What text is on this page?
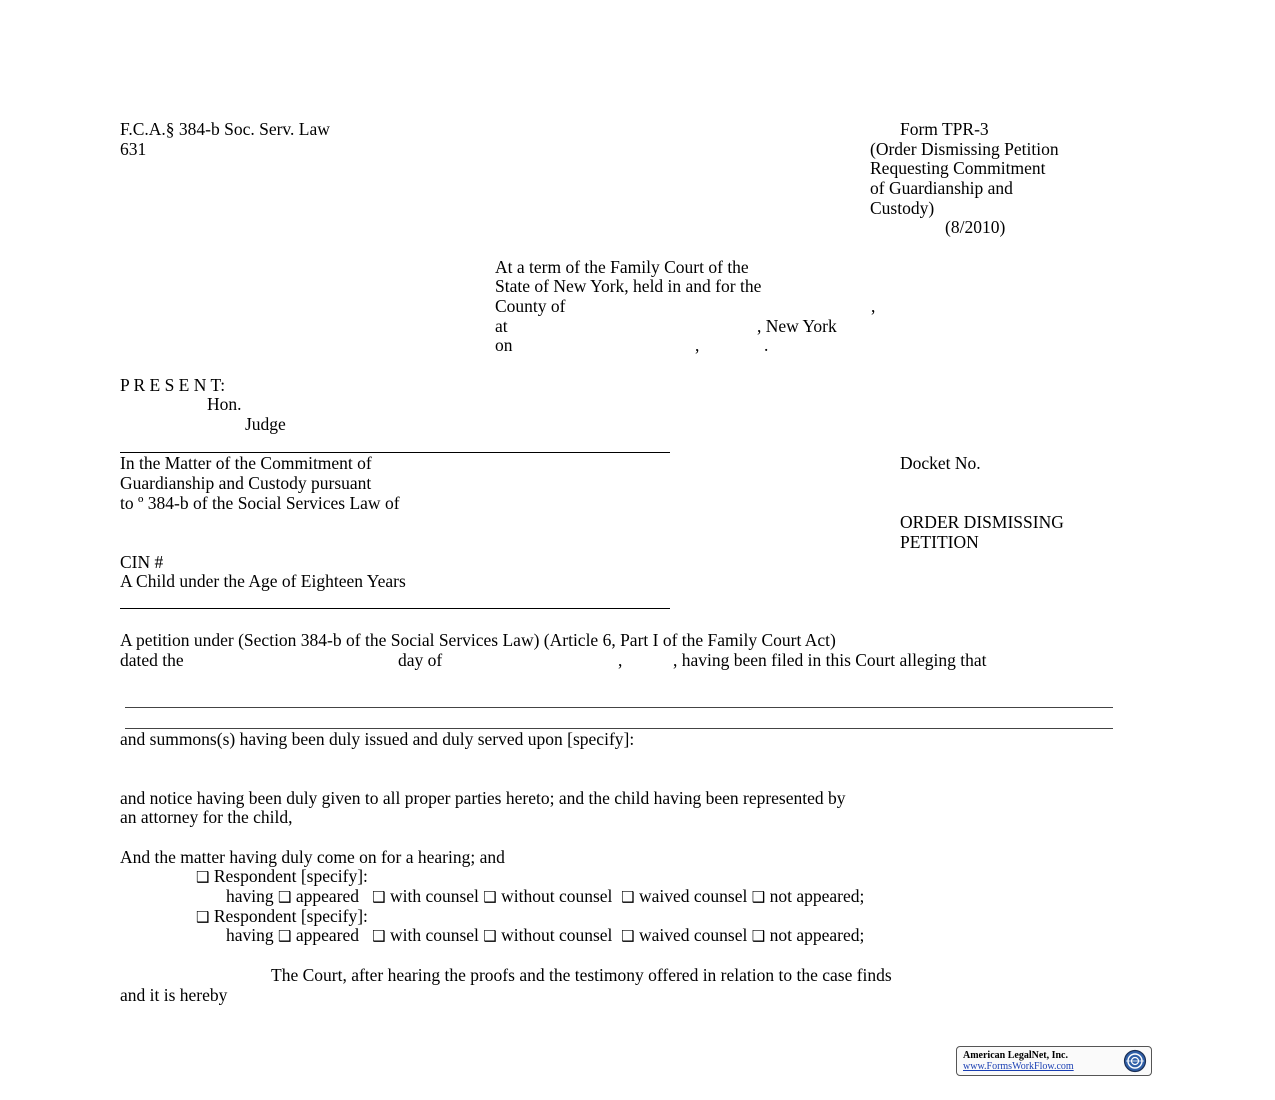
F.C.A.§ 384-b Soc. Serv. Law
631
Form TPR-3
(Order Dismissing Petition
Requesting Commitment
of Guardianship and
Custody)
(8/2010)
At a term of the Family Court of the
State of New York, held in and for the
County of	,
at	, New York
on	,	.
P R E S E N T:
Hon.
Judge
In the Matter of the Commitment of
Guardianship and Custody pursuant
to º 384-b of the Social Services Law of
CIN #
A Child under the Age of Eighteen Years
Docket No.
ORDER DISMISSING
PETITION
A petition under (Section 384-b of the Social Services Law) (Article 6, Part I of the Family Court Act)
dated the	day of	,	, having been filed in this Court alleging that
and summons(s) having been duly issued and duly served upon [specify]:
and notice having been duly given to all proper parties hereto; and the child having been represented by
an attorney for the child,
And the matter having duly come on for a hearing; and
❑ Respondent [specify]:
having ❑ appeared ❑ with counsel ❑ without counsel ❑ waived counsel ❑ not appeared;
❑ Respondent [specify]:
having ❑ appeared ❑ with counsel ❑ without counsel ❑ waived counsel ❑ not appeared;
The Court, after hearing the proofs and the testimony offered in relation to the case finds
and it is hereby
American LegalNet, Inc.
www.FormsWorkFlow.com
